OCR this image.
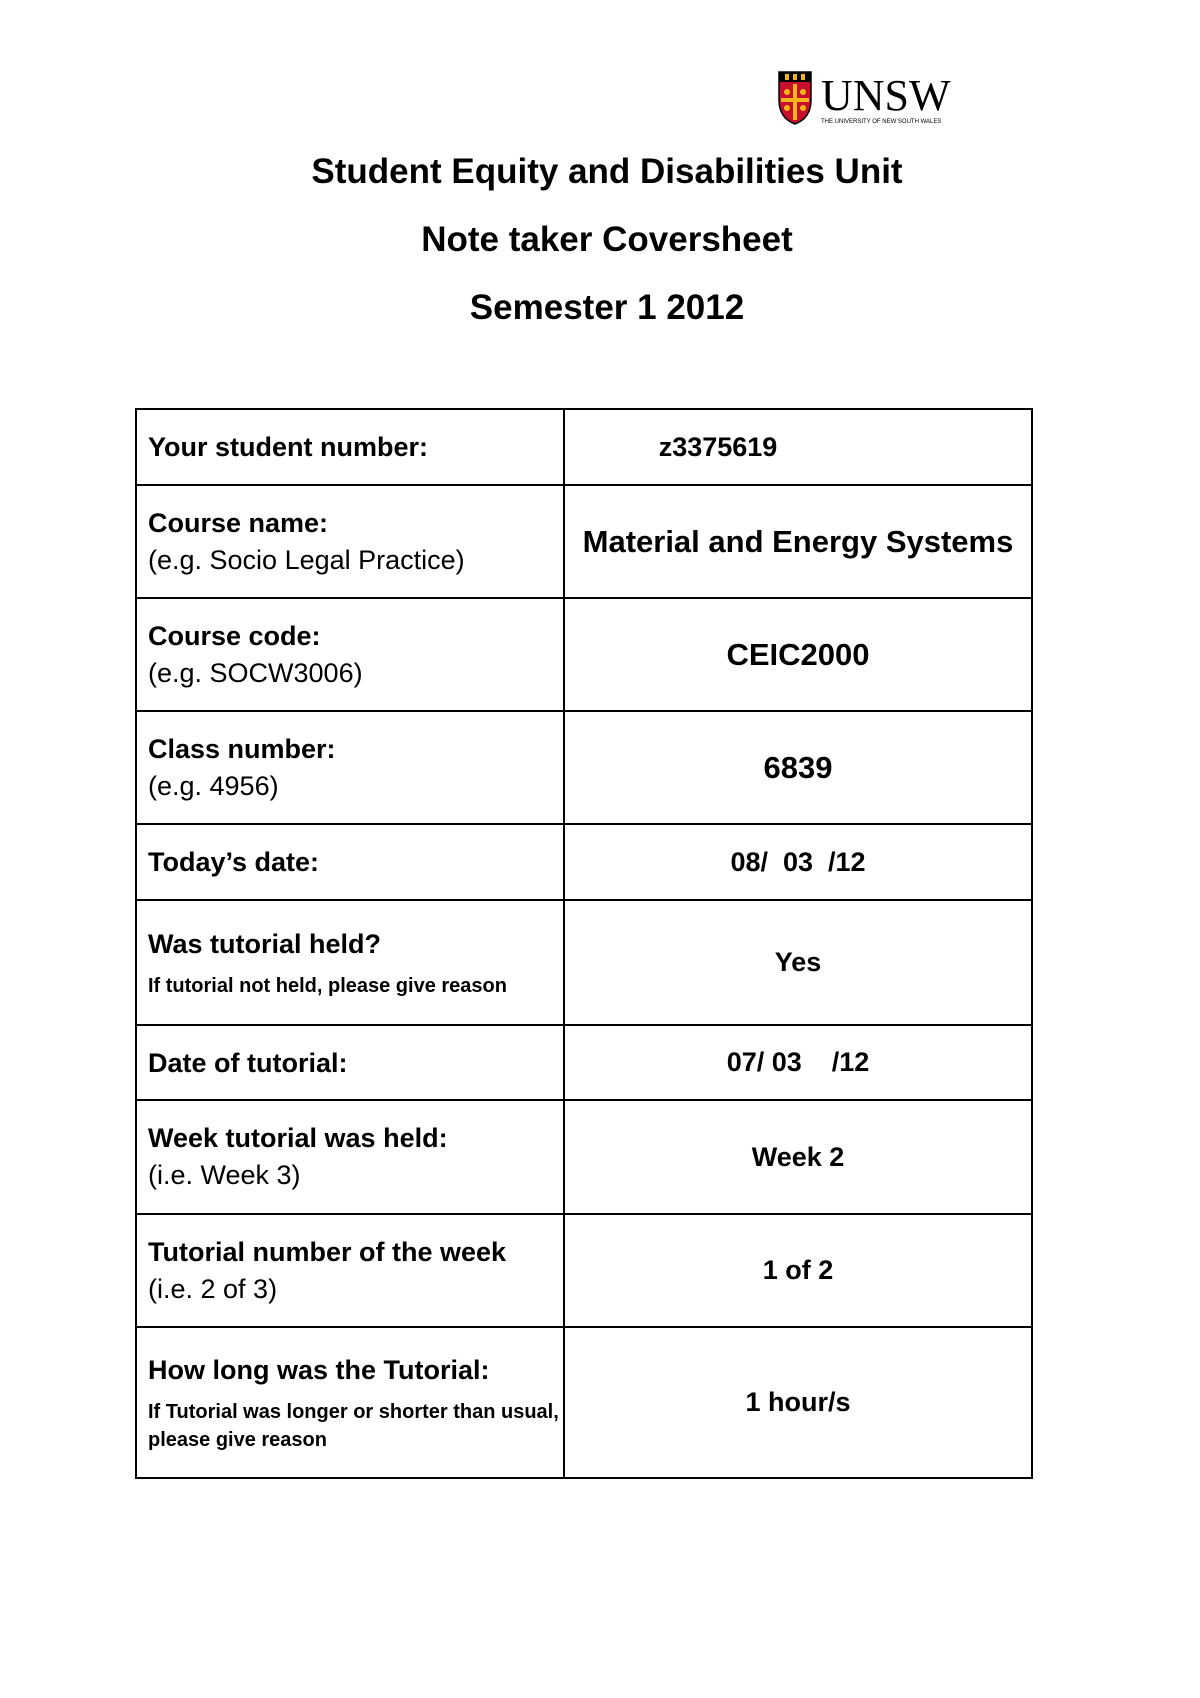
UNSW
THE UNIVERSITY OF NEW SOUTH WALES
Student Equity and Disabilities Unit
Note taker Coversheet
Semester 1 2012
Your student number:	z3375619

Course name:
(e.g. Socio Legal Practice)	Material and Energy Systems

Course code:
(e.g. SOCW3006)	CEIC2000

Class number:
(e.g. 4956)	6839

Today’s date:	08/  03  /12

Was tutorial held?
If tutorial not held, please give reason	Yes

Date of tutorial:	07/ 03    /12

Week tutorial was held:
(i.e. Week 3)	Week 2

Tutorial number of the week
(i.e. 2 of 3)	1 of 2

How long was the Tutorial:
If Tutorial was longer or shorter than usual, please give reason	1 hour/s
